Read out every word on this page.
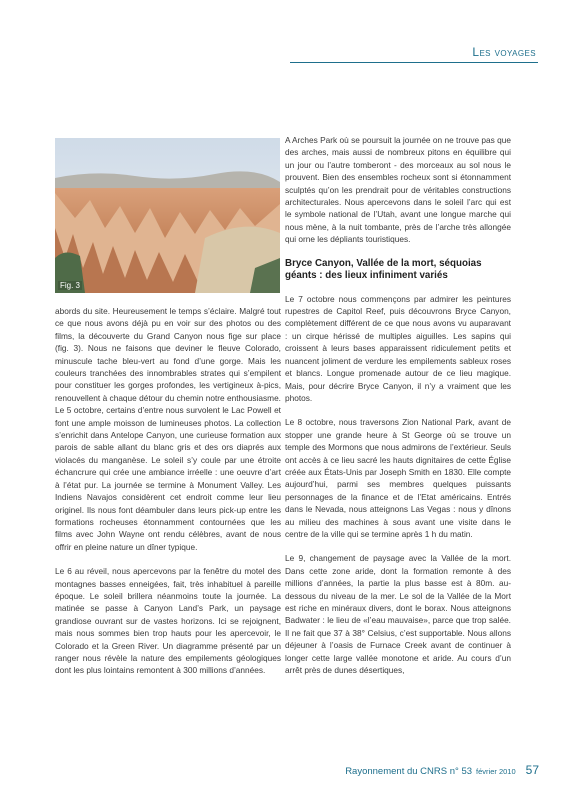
Les voyages
Fig. 3

abords du site. Heureusement le temps s’éclaire. Malgré tout ce que nous avons déjà pu en voir sur des photos ou des films, la découverte du Grand Canyon nous fige sur place (fig. 3). Nous ne faisons que deviner le fleuve Colorado, minuscule tache bleu-vert au fond d’une gorge. Mais les couleurs tranchées des innombrables strates qui s’empilent pour constituer les gorges profondes, les vertigineux à-pics, renouvellent à chaque détour du chemin notre enthousiasme. Le 5 octobre, certains d’entre nous survolent le Lac Powell et font une ample moisson de lumineuses photos. La collection s’enrichit dans Antelope Canyon, une curieuse formation aux parois de sable allant du blanc gris et des ors diaprés aux violacés du manganèse. Le soleil s’y coule par une étroite échancrure qui crée une ambiance irréelle : une oeuvre d’art à l’état pur. La journée se termine à Monument Valley. Les Indiens Navajos considèrent cet endroit comme leur lieu originel. Ils nous font déambuler dans leurs pick-up entre les formations rocheuses étonnamment contournées que les films avec John Wayne ont rendu célèbres, avant de nous offrir en pleine nature un dîner typique.

Le 6 au réveil, nous apercevons par la fenêtre du motel des montagnes basses enneigées, fait, très inhabituel à pareille époque. Le soleil brillera néanmoins toute la journée. La matinée se passe à Canyon Land’s Park, un paysage grandiose ouvrant sur de vastes horizons. Ici se rejoignent, mais nous sommes bien trop hauts pour les apercevoir, le Colorado et la Green River. Un diagramme présenté par un ranger nous révèle la nature des empilements géologiques dont les plus lointains remontent à 300 millions d’années.

A Arches Park où se poursuit la journée on ne trouve pas que des arches, mais aussi de nombreux pitons en équilibre qui un jour ou l’autre tomberont - des morceaux au sol nous le prouvent. Bien des ensembles rocheux sont si étonnamment sculptés qu’on les prendrait pour de véritables constructions architecturales. Nous apercevons dans le soleil l’arc qui est le symbole national de l’Utah, avant une longue marche qui nous mène, à la nuit tombante, près de l’arche très allongée qui orne les dépliants touristiques.

Bryce Canyon, Vallée de la mort, séquoias géants : des lieux infiniment variés

Le 7 octobre nous commençons par admirer les peintures rupestres de Capitol Reef, puis découvrons Bryce Canyon, complètement différent de ce que nous avons vu auparavant : un cirque hérissé de multiples aiguilles. Les sapins qui croissent à leurs bases apparaissent ridiculement petits et nuancent joliment de verdure les empilements sableux roses et blancs. Longue promenade autour de ce lieu magique. Mais, pour décrire Bryce Canyon, il n’y a vraiment que les photos.

Le 8 octobre, nous traversons Zion National Park, avant de stopper une grande heure à St George où se trouve un temple des Mormons que nous admirons de l’extérieur. Seuls ont accès à ce lieu sacré les hauts dignitaires de cette Église créée aux États-Unis par Joseph Smith en 1830. Elle compte aujourd’hui, parmi ses membres quelques puissants personnages de la finance et de l’Etat américains. Entrés dans le Nevada, nous atteignons Las Vegas : nous y dînons au milieu des machines à sous avant une visite dans le centre de la ville qui se termine après 1 h du matin.

Le 9, changement de paysage avec la Vallée de la mort. Dans cette zone aride, dont la formation remonte à des millions d’années, la partie la plus basse est à 80m. au-dessous du niveau de la mer. Le sol de la Vallée de la Mort est riche en minéraux divers, dont le borax. Nous atteignons Badwater : le lieu de «l’eau mauvaise», parce que trop salée. Il ne fait que 37 à 38° Celsius, c’est supportable. Nous allons déjeuner à l’oasis de Furnace Creek avant de continuer à longer cette large vallée monotone et aride. Au cours d’un arrêt près de dunes désertiques,

Rayonnement du CNRS n° 53 février 2010 57
